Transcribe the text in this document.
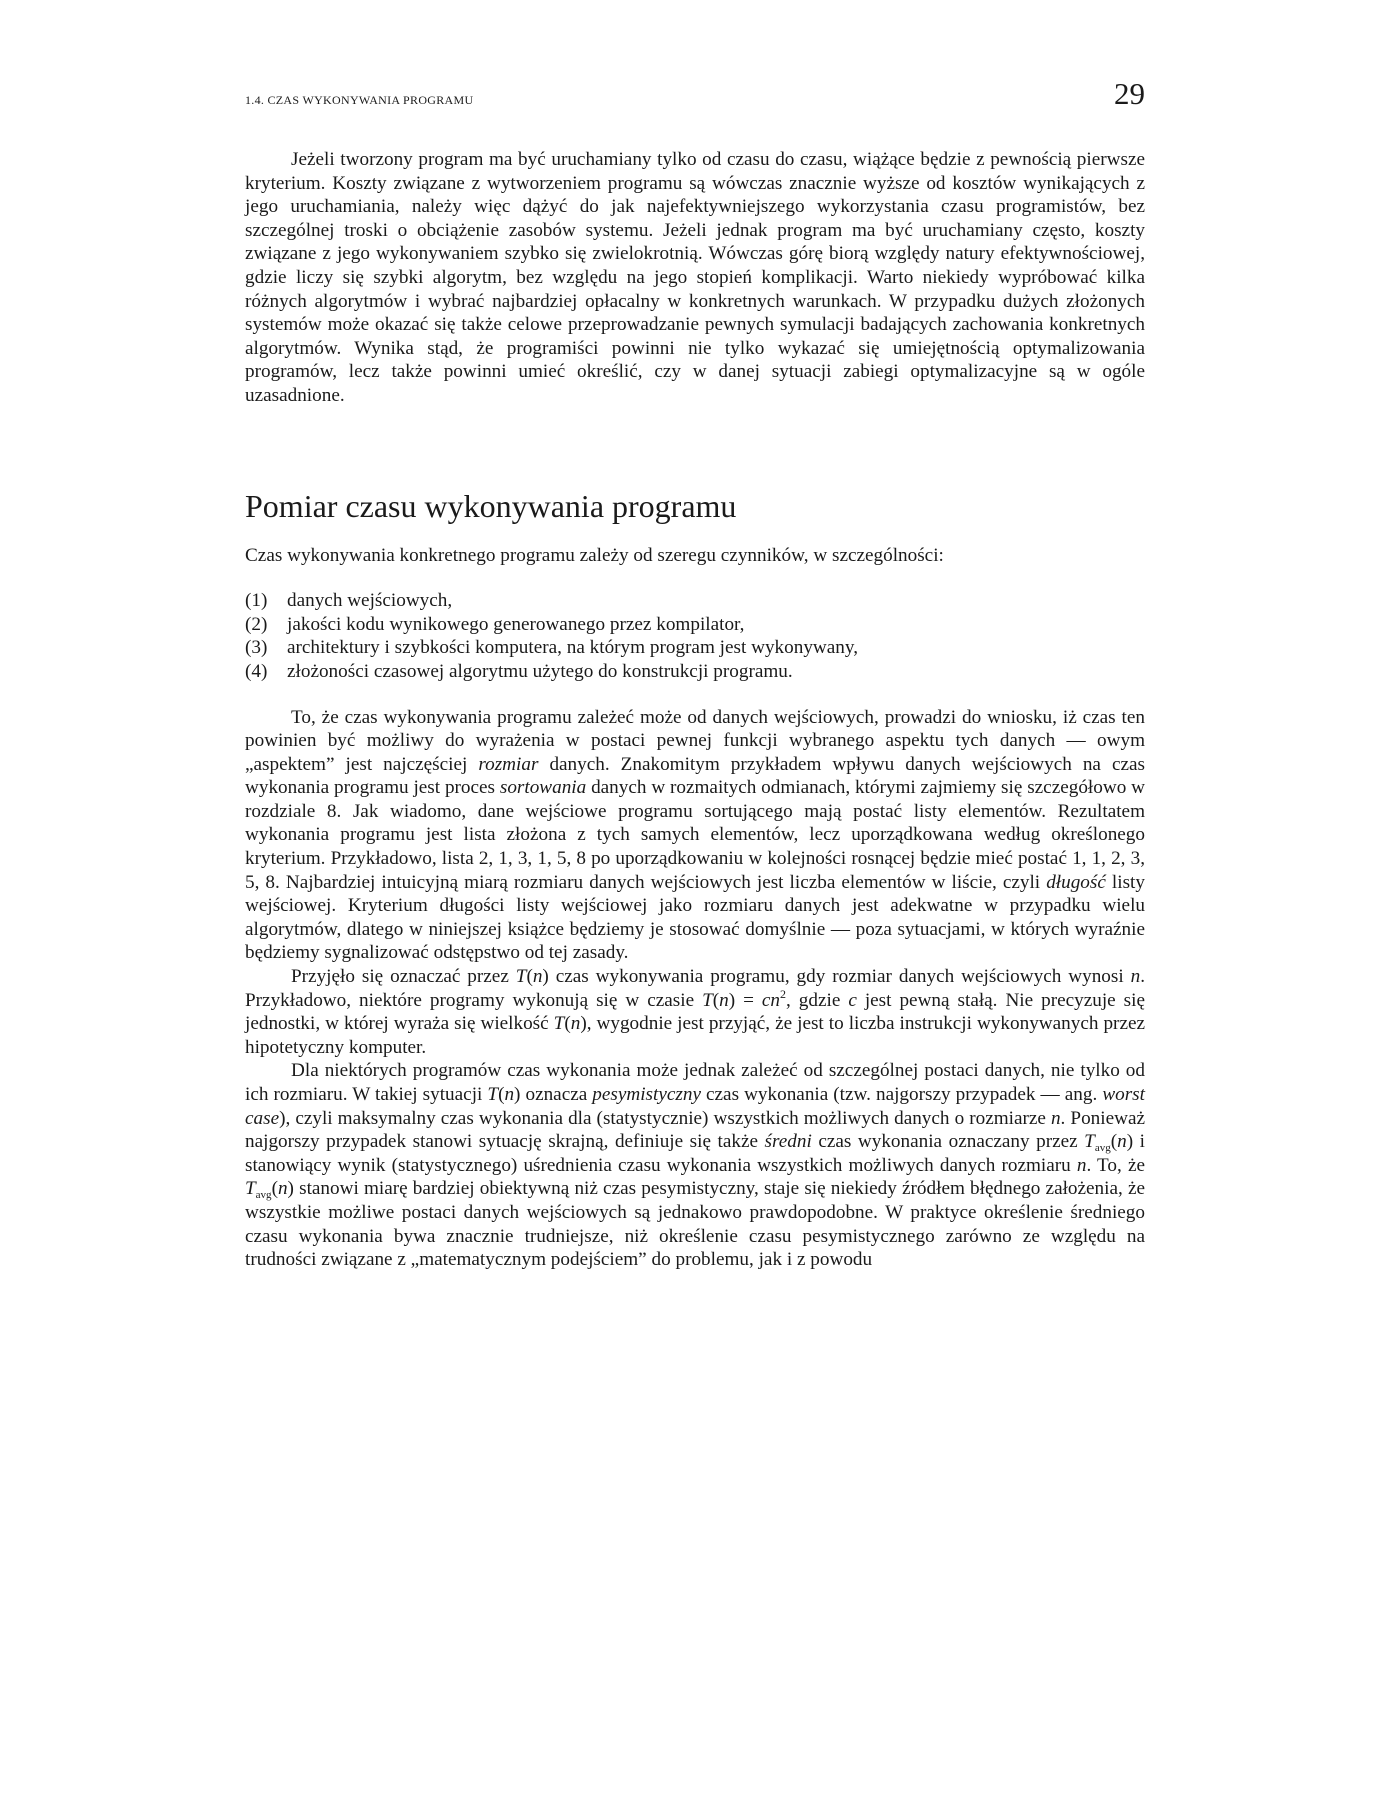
1.4. CZAS WYKONYWANIA PROGRAMU	29

Jeżeli tworzony program ma być uruchamiany tylko od czasu do czasu, wiążące będzie z pewnością pierwsze kryterium. Koszty związane z wytworzeniem programu są wówczas znacznie wyższe od kosztów wynikających z jego uruchamiania, należy więc dążyć do jak najefektywniejszego wykorzystania czasu programistów, bez szczególnej troski o obciążenie zasobów systemu. Jeżeli jednak program ma być uruchamiany często, koszty związane z jego wykonywaniem szybko się zwielokrotnią. Wówczas górę biorą względy natury efektywnościowej, gdzie liczy się szybki algorytm, bez względu na jego stopień komplikacji. Warto niekiedy wypróbować kilka różnych algorytmów i wybrać najbardziej opłacalny w konkretnych warunkach. W przypadku dużych złożonych systemów może okazać się także celowe przeprowadzanie pewnych symulacji badających zachowania konkretnych algorytmów. Wynika stąd, że programiści powinni nie tylko wykazać się umiejętnością optymalizowania programów, lecz także powinni umieć określić, czy w danej sytuacji zabiegi optymalizacyjne są w ogóle uzasadnione.

Pomiar czasu wykonywania programu

Czas wykonywania konkretnego programu zależy od szeregu czynników, w szczególności:

(1)	danych wejściowych,
(2)	jakości kodu wynikowego generowanego przez kompilator,
(3)	architektury i szybkości komputera, na którym program jest wykonywany,
(4)	złożoności czasowej algorytmu użytego do konstrukcji programu.

To, że czas wykonywania programu zależeć może od danych wejściowych, prowadzi do wniosku, iż czas ten powinien być możliwy do wyrażenia w postaci pewnej funkcji wybranego aspektu tych danych — owym „aspektem” jest najczęściej rozmiar danych. Znakomitym przykładem wpływu danych wejściowych na czas wykonania programu jest proces sortowania danych w rozmaitych odmianach, którymi zajmiemy się szczegółowo w rozdziale 8. Jak wiadomo, dane wejściowe programu sortującego mają postać listy elementów. Rezultatem wykonania programu jest lista złożona z tych samych elementów, lecz uporządkowana według określonego kryterium. Przykładowo, lista 2, 1, 3, 1, 5, 8 po uporządkowaniu w kolejności rosnącej będzie mieć postać 1, 1, 2, 3, 5, 8. Najbardziej intuicyjną miarą rozmiaru danych wejściowych jest liczba elementów w liście, czyli długość listy wejściowej. Kryterium długości listy wejściowej jako rozmiaru danych jest adekwatne w przypadku wielu algorytmów, dlatego w niniejszej książce będziemy je stosować domyślnie — poza sytuacjami, w których wyraźnie będziemy sygnalizować odstępstwo od tej zasady.

Przyjęło się oznaczać przez T(n) czas wykonywania programu, gdy rozmiar danych wejściowych wynosi n. Przykładowo, niektóre programy wykonują się w czasie $T(n) = cn^2$, gdzie c jest pewną stałą. Nie precyzuje się jednostki, w której wyraża się wielkość T(n), wygodnie jest przyjąć, że jest to liczba instrukcji wykonywanych przez hipotetyczny komputer.

Dla niektórych programów czas wykonania może jednak zależeć od szczególnej postaci danych, nie tylko od ich rozmiaru. W takiej sytuacji T(n) oznacza pesymistyczny czas wykonania (tzw. najgorszy przypadek — ang. worst case), czyli maksymalny czas wykonania dla (statystycznie) wszystkich możliwych danych o rozmiarze n. Ponieważ najgorszy przypadek stanowi sytuację skrajną, definiuje się także średni czas wykonania oznaczany przez $T_{avg}(n)$ i stanowiący wynik (statystycznego) uśrednienia czasu wykonania wszystkich możliwych danych rozmiaru n. To, że $T_{avg}(n)$ stanowi miarę bardziej obiektywną niż czas pesymistyczny, staje się niekiedy źródłem błędnego założenia, że wszystkie możliwe postaci danych wejściowych są jednakowo prawdopodobne. W praktyce określenie średniego czasu wykonania bywa znacznie trudniejsze, niż określenie czasu pesymistycznego zarówno ze względu na trudności związane z „matematycznym podejściem” do problemu, jak i z powodu
